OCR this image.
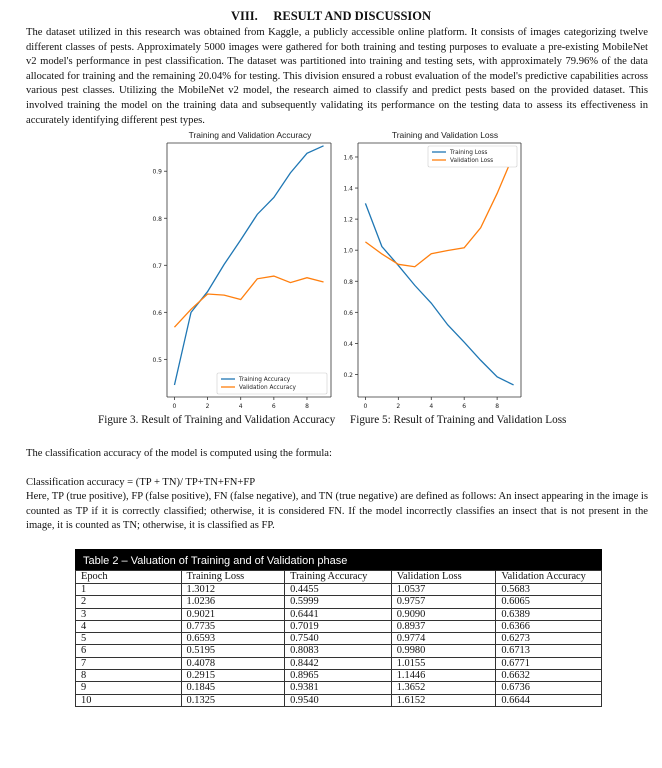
VIII. RESULT AND DISCUSSION
The dataset utilized in this research was obtained from Kaggle, a publicly accessible online platform. It consists of images categorizing twelve different classes of pests. Approximately 5000 images were gathered for both training and testing purposes to evaluate a pre-existing MobileNet v2 model's performance in pest classification. The dataset was partitioned into training and testing sets, with approximately 79.96% of the data allocated for training and the remaining 20.04% for testing. This division ensured a robust evaluation of the model's predictive capabilities across various pest classes. Utilizing the MobileNet v2 model, the research aimed to classify and predict pests based on the provided dataset. This involved training the model on the training data and subsequently validating its performance on the testing data to assess its effectiveness in accurately identifying different pest types.
Training and Validation Accuracy
0.5
0.6
0.7
0.8
0.9
0	2	4	6	8
Training Accuracy
Validation Accuracy
Training and Validation Loss
0.2
0.4
0.6
0.8
1.0
1.2
1.4
1.6
0	2	4	6	8
Training Loss
Validation Loss
Figure 3. Result of Training and Validation Accuracy Figure 5: Result of Training and Validation Loss
The classification accuracy of the model is computed using the formula:
Classification accuracy = (TP + TN)/ TP+TN+FN+FP
Here, TP (true positive), FP (false positive), FN (false negative), and TN (true negative) are defined as follows: An insect appearing in the image is counted as TP if it is correctly classified; otherwise, it is considered FN. If the model incorrectly classifies an insect that is not present in the image, it is counted as TN; otherwise, it is classified as FP.
Table 2 – Valuation of Training and of Validation phase
Epoch	Training Loss	Training Accuracy	Validation Loss	Validation Accuracy
1	1.3012	0.4455	1.0537	0.5683
2	1.0236	0.5999	0.9757	0.6065
3	0.9021	0.6441	0.9090	0.6389
4	0.7735	0.7019	0.8937	0.6366
5	0.6593	0.7540	0.9774	0.6273
6	0.5195	0.8083	0.9980	0.6713
7	0.4078	0.8442	1.0155	0.6771
8	0.2915	0.8965	1.1446	0.6632
9	0.1845	0.9381	1.3652	0.6736
10	0.1325	0.9540	1.6152	0.6644
